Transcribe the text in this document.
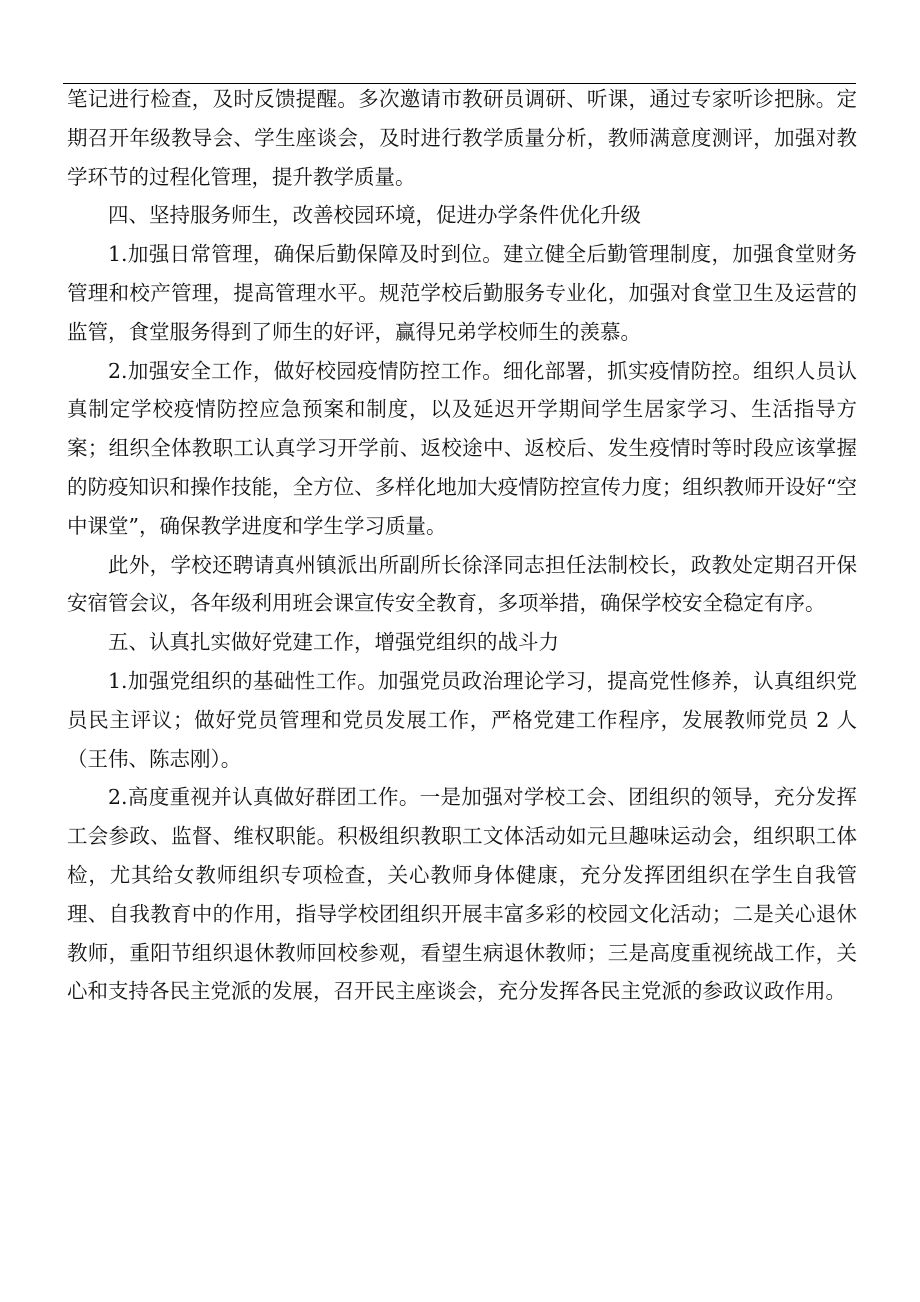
笔记进行检查，及时反馈提醒。多次邀请市教研员调研、听课，通过专家听诊把脉。定期召开年级教导会、学生座谈会，及时进行教学质量分析，教师满意度测评，加强对教学环节的过程化管理，提升教学质量。

四、坚持服务师生，改善校园环境，促进办学条件优化升级

1.加强日常管理，确保后勤保障及时到位。建立健全后勤管理制度，加强食堂财务管理和校产管理，提高管理水平。规范学校后勤服务专业化，加强对食堂卫生及运营的监管，食堂服务得到了师生的好评，赢得兄弟学校师生的羡慕。

2.加强安全工作，做好校园疫情防控工作。细化部署，抓实疫情防控。组织人员认真制定学校疫情防控应急预案和制度，以及延迟开学期间学生居家学习、生活指导方案；组织全体教职工认真学习开学前、返校途中、返校后、发生疫情时等时段应该掌握的防疫知识和操作技能，全方位、多样化地加大疫情防控宣传力度；组织教师开设好“空中课堂”，确保教学进度和学生学习质量。

此外，学校还聘请真州镇派出所副所长徐泽同志担任法制校长，政教处定期召开保安宿管会议，各年级利用班会课宣传安全教育，多项举措，确保学校安全稳定有序。

五、认真扎实做好党建工作，增强党组织的战斗力

1.加强党组织的基础性工作。加强党员政治理论学习，提高党性修养，认真组织党员民主评议；做好党员管理和党员发展工作，严格党建工作程序，发展教师党员 2 人（王伟、陈志刚）。

2.高度重视并认真做好群团工作。一是加强对学校工会、团组织的领导，充分发挥工会参政、监督、维权职能。积极组织教职工文体活动如元旦趣味运动会，组织职工体检，尤其给女教师组织专项检查，关心教师身体健康，充分发挥团组织在学生自我管理、自我教育中的作用，指导学校团组织开展丰富多彩的校园文化活动；二是关心退休教师，重阳节组织退休教师回校参观，看望生病退休教师；三是高度重视统战工作，关心和支持各民主党派的发展，召开民主座谈会，充分发挥各民主党派的参政议政作用。
